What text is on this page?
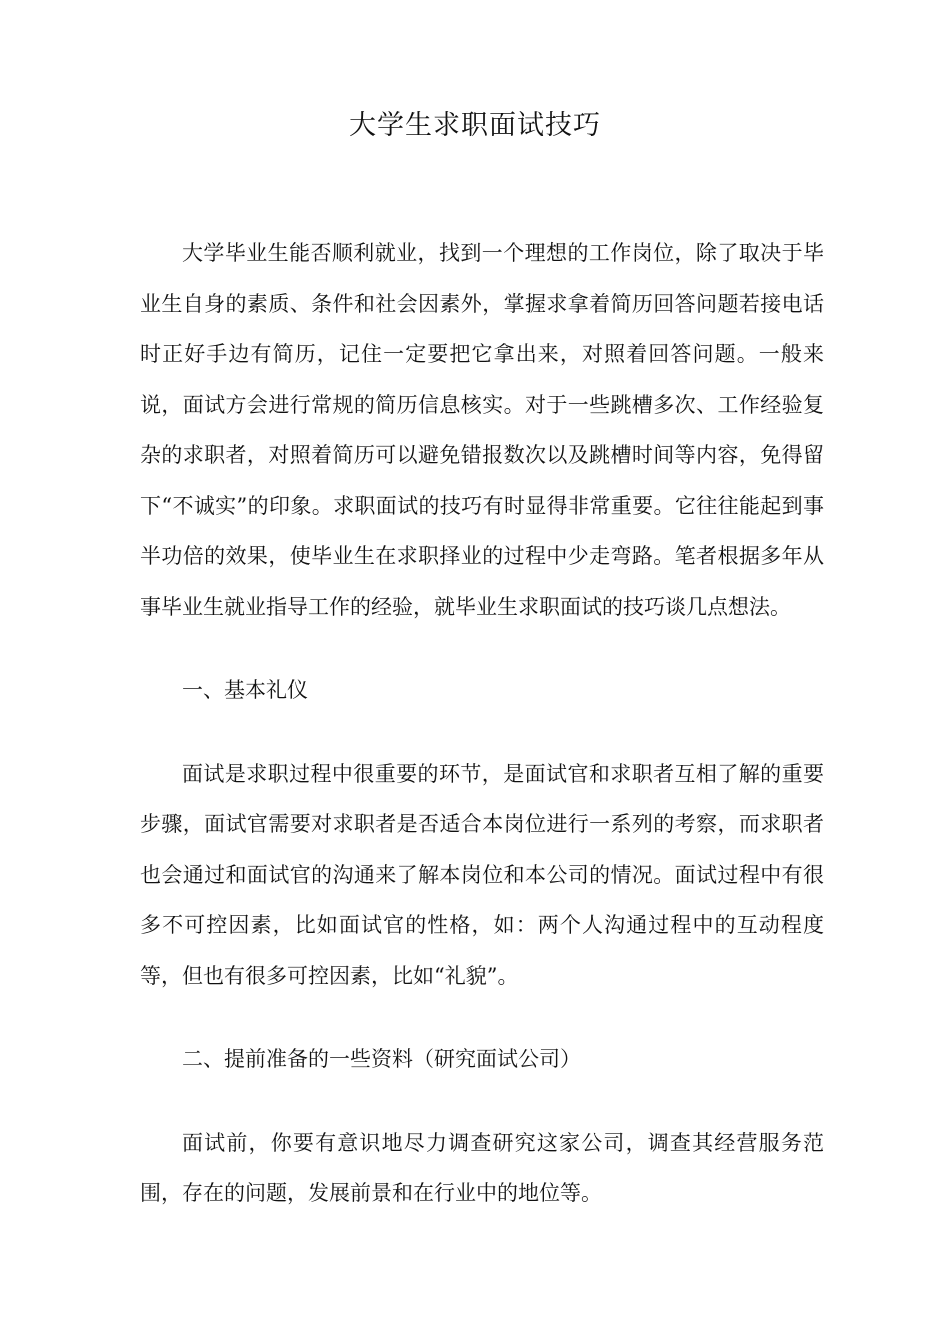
大学生求职面试技巧

大学毕业生能否顺利就业，找到一个理想的工作岗位，除了取决于毕业生自身的素质、条件和社会因素外，掌握求拿着简历回答问题若接电话时正好手边有简历，记住一定要把它拿出来，对照着回答问题。一般来说，面试方会进行常规的简历信息核实。对于一些跳槽多次、工作经验复杂的求职者，对照着简历可以避免错报数次以及跳槽时间等内容，免得留下“不诚实”的印象。求职面试的技巧有时显得非常重要。它往往能起到事半功倍的效果，使毕业生在求职择业的过程中少走弯路。笔者根据多年从事毕业生就业指导工作的经验，就毕业生求职面试的技巧谈几点想法。

一、基本礼仪

面试是求职过程中很重要的环节，是面试官和求职者互相了解的重要步骤，面试官需要对求职者是否适合本岗位进行一系列的考察，而求职者也会通过和面试官的沟通来了解本岗位和本公司的情况。面试过程中有很多不可控因素，比如面试官的性格，如：两个人沟通过程中的互动程度等，但也有很多可控因素，比如“礼貌”。

二、提前准备的一些资料（研究面试公司）

面试前，你要有意识地尽力调查研究这家公司，调查其经营服务范围，存在的问题，发展前景和在行业中的地位等。
